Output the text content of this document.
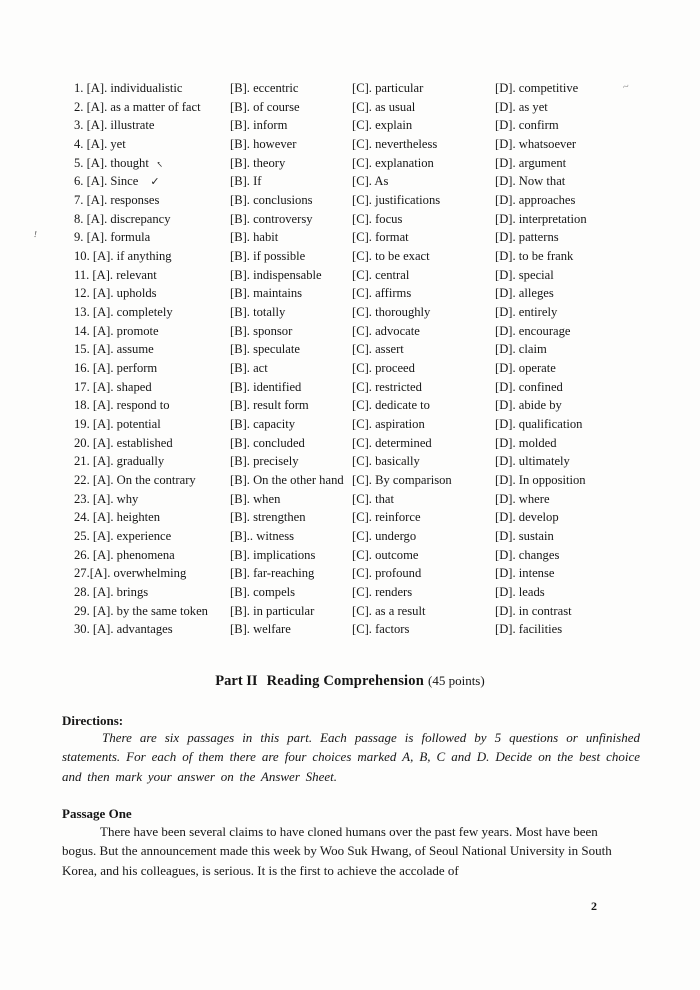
!
~
1. [A]. individualistic	[B]. eccentric	[C]. particular	[D]. competitive
2. [A]. as a matter of fact	[B]. of course	[C]. as usual	[D]. as yet
3. [A]. illustrate	[B]. inform	[C]. explain	[D]. confirm
4. [A]. yet	[B]. however	[C]. nevertheless	[D]. whatsoever
5. [A]. thought ✓	[B]. theory	[C]. explanation	[D]. argument
6. [A]. Since ✓	[B]. If	[C]. As	[D]. Now that
7. [A]. responses	[B]. conclusions	[C]. justifications	[D]. approaches
8. [A]. discrepancy	[B]. controversy	[C]. focus	[D]. interpretation
9. [A]. formula	[B]. habit	[C]. format	[D]. patterns
10. [A]. if anything	[B]. if possible	[C]. to be exact	[D]. to be frank
11. [A]. relevant	[B]. indispensable	[C]. central	[D]. special
12. [A]. upholds	[B]. maintains	[C]. affirms	[D]. alleges
13. [A]. completely	[B]. totally	[C]. thoroughly	[D]. entirely
14. [A]. promote	[B]. sponsor	[C]. advocate	[D]. encourage
15. [A]. assume	[B]. speculate	[C]. assert	[D]. claim
16. [A]. perform	[B]. act	[C]. proceed	[D]. operate
17. [A]. shaped	[B]. identified	[C]. restricted	[D]. confined
18. [A]. respond to	[B]. result form	[C]. dedicate to	[D]. abide by
19. [A]. potential	[B]. capacity	[C]. aspiration	[D]. qualification
20. [A]. established	[B]. concluded	[C]. determined	[D]. molded
21. [A]. gradually	[B]. precisely	[C]. basically	[D]. ultimately
22. [A]. On the contrary	[B]. On the other hand [C]. By comparison	[D]. In opposition
23. [A]. why	[B]. when	[C]. that	[D]. where
24. [A]. heighten	[B]. strengthen	[C]. reinforce	[D]. develop
25. [A]. experience	[B].. witness	[C]. undergo	[D]. sustain
26. [A]. phenomena	[B]. implications	[C]. outcome	[D]. changes
27.[A]. overwhelming	[B]. far-reaching	[C]. profound	[D]. intense
28. [A]. brings	[B]. compels	[C]. renders	[D]. leads
29. [A]. by the same token	[B]. in particular	[C]. as a result	[D]. in contrast
30. [A]. advantages	[B]. welfare	[C]. factors	[D]. facilities
Part II Reading Comprehension (45 points)
Directions:
There are six passages in this part. Each passage is followed by 5 questions or unfinished statements. For each of them there are four choices marked A, B, C and D. Decide on the best choice and then mark your answer on the Answer Sheet.
Passage One
There have been several claims to have cloned humans over the past few years. Most have been bogus. But the announcement made this week by Woo Suk Hwang, of Seoul National University in South Korea, and his colleagues, is serious. It is the first to achieve the accolade of
2
